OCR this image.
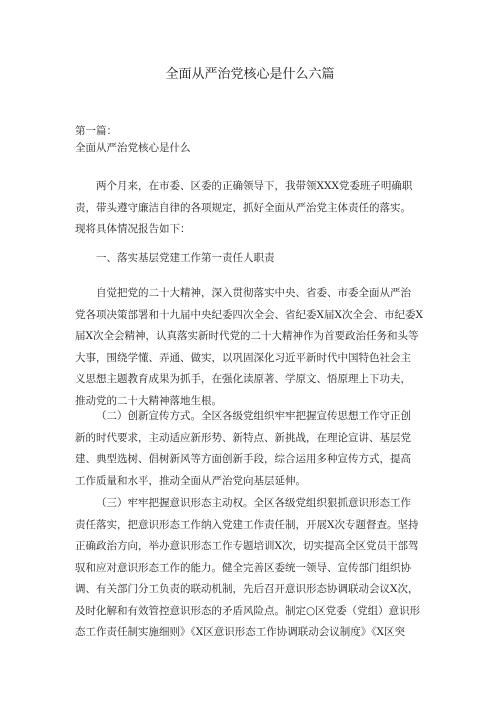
全面从严治党核心是什么六篇
第一篇：
全面从严治党核心是什么
两个月来，在市委、区委的正确领导下，我带领XXX党委班子明确职
责，带头遵守廉洁自律的各项规定，抓好全面从严治党主体责任的落实。
现将具体情况报告如下：
一、落实基层党建工作第一责任人职责
自觉把党的二十大精神，深入贯彻落实中央、省委、市委全面从严治
党各项决策部署和十九届中央纪委四次全会、省纪委X届X次全会、市纪委X
届X次全会精神，认真落实新时代党的二十大精神作为首要政治任务和头等
大事，围绕学懂、弄通、做实，以巩固深化习近平新时代中国特色社会主
义思想主题教育成果为抓手，在强化读原著、学原文、悟原理上下功夫，
推动党的二十大精神落地生根。
（二）创新宣传方式。全区各级党组织牢牢把握宣传思想工作守正创
新的时代要求，主动适应新形势、新特点、新挑战，在理论宣讲、基层党
建、典型选树、倡树新风等方面创新手段，综合运用多种宣传方式，提高
工作质量和水平，推动全面从严治党向基层延伸。
（三）牢牢把握意识形态主动权。全区各级党组织狠抓意识形态工作
责任落实，把意识形态工作纳入党建工作责任制，开展X次专题督查。坚持
正确政治方向，举办意识形态工作专题培训X次，切实提高全区党员干部驾
驭和应对意识形态工作的能力。健全完善区委统一领导、宣传部门组织协
调、有关部门分工负责的联动机制，先后召开意识形态协调联动会议X次，
及时化解和有效管控意识形态的矛盾风险点。制定○区党委（党组）意识形
态工作责任制实施细则》《X区意识形态工作协调联动会议制度》《X区突
